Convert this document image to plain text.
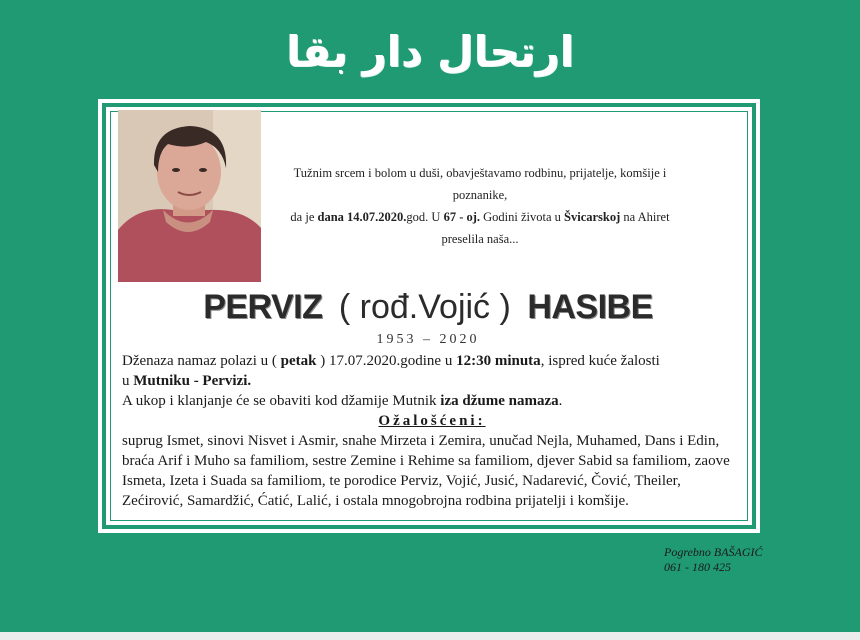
ارتحال دار بقا
Tužnim srcem i bolom u duši, obavještavamo rodbinu, prijatelje, komšije i poznanike,
da je dana 14.07.2020.god. U 67 - oj. Godini života u Švicarskoj na Ahiret preselila naša...
PERVIZ ( rođ.Vojić ) HASIBE
1953 – 2020

Dženaza namaz polazi u ( petak ) 17.07.2020.godine u 12:30 minuta, ispred kuće žalosti

u Mutniku - Pervizi.

A ukop i klanjanje će se obaviti kod džamije Mutnik iza džume namaza.

Ožalošćeni:

suprug Ismet, sinovi Nisvet i Asmir, snahe Mirzeta i Zemira, unučad Nejla, Muhamed, Dans i Edin, braća Arif i Muho sa familiom, sestre Zemine i Rehime sa familiom, djever Sabid sa familiom, zaove Ismeta, Izeta i Suada sa familiom, te porodice Perviz, Vojić, Jusić, Nadarević, Čović, Theiler, Zećirović, Samardžić, Ćatić, Lalić, i ostala mnogobrojna rodbina prijatelji i komšije.

Pogrebno BAŠAGIĆ
061 - 180 425
